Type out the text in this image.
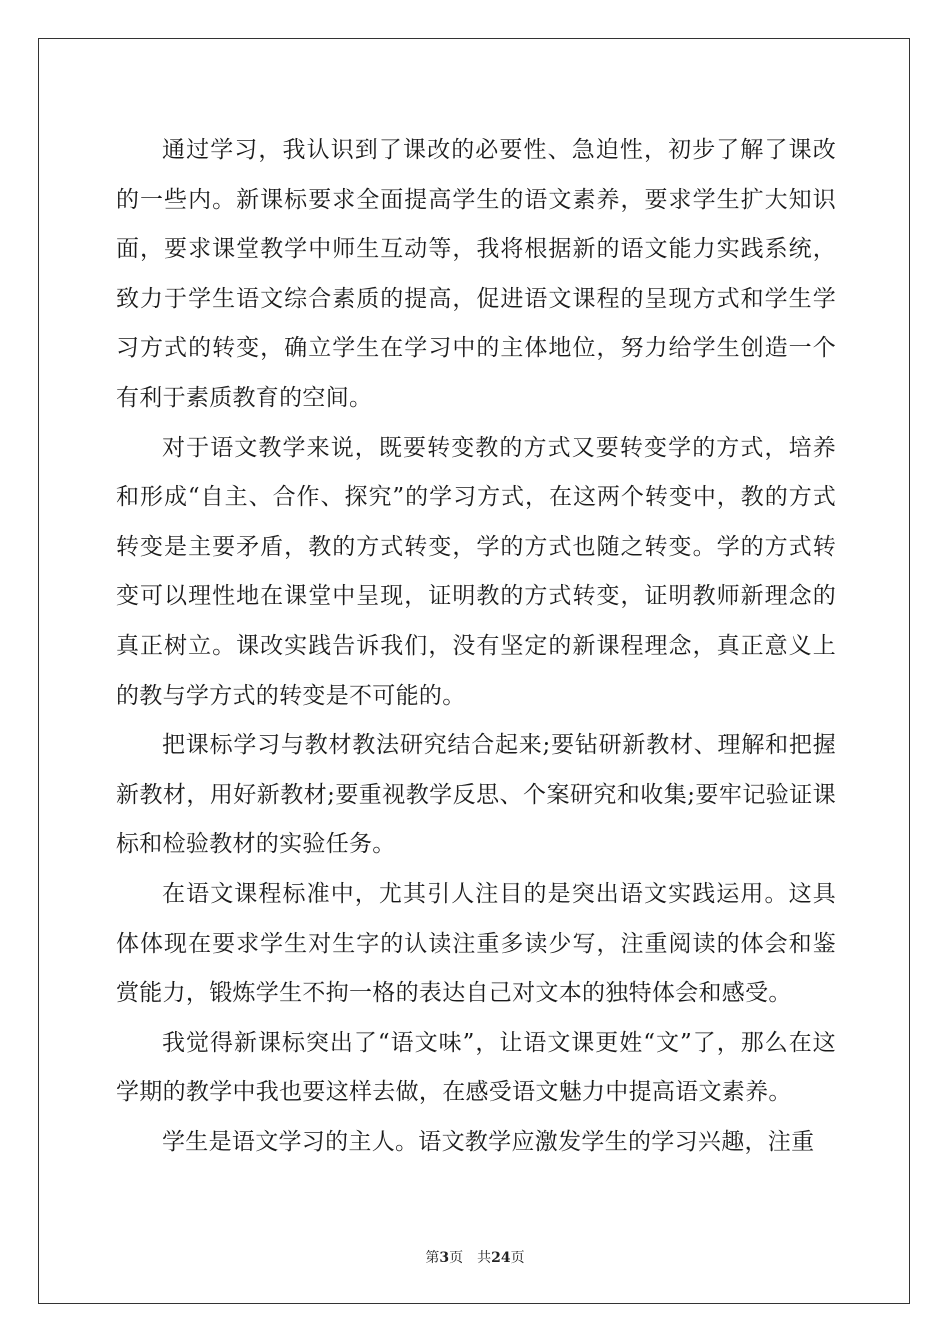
通过学习，我认识到了课改的必要性、急迫性，初步了解了课改的一些内。新课标要求全面提高学生的语文素养，要求学生扩大知识面，要求课堂教学中师生互动等，我将根据新的语文能力实践系统，致力于学生语文综合素质的提高，促进语文课程的呈现方式和学生学习方式的转变，确立学生在学习中的主体地位，努力给学生创造一个有利于素质教育的空间。

对于语文教学来说，既要转变教的方式又要转变学的方式，培养和形成“自主、合作、探究”的学习方式，在这两个转变中，教的方式转变是主要矛盾，教的方式转变，学的方式也随之转变。学的方式转变可以理性地在课堂中呈现，证明教的方式转变，证明教师新理念的真正树立。课改实践告诉我们，没有坚定的新课程理念，真正意义上的教与学方式的转变是不可能的。

把课标学习与教材教法研究结合起来;要钻研新教材、理解和把握新教材，用好新教材;要重视教学反思、个案研究和收集;要牢记验证课标和检验教材的实验任务。

在语文课程标准中，尤其引人注目的是突出语文实践运用。这具体体现在要求学生对生字的认读注重多读少写，注重阅读的体会和鉴赏能力，锻炼学生不拘一格的表达自己对文本的独特体会和感受。

我觉得新课标突出了“语文味”，让语文课更姓“文”了，那么在这学期的教学中我也要这样去做，在感受语文魅力中提高语文素养。

学生是语文学习的主人。语文教学应激发学生的学习兴趣，注重

第3页 共24页
